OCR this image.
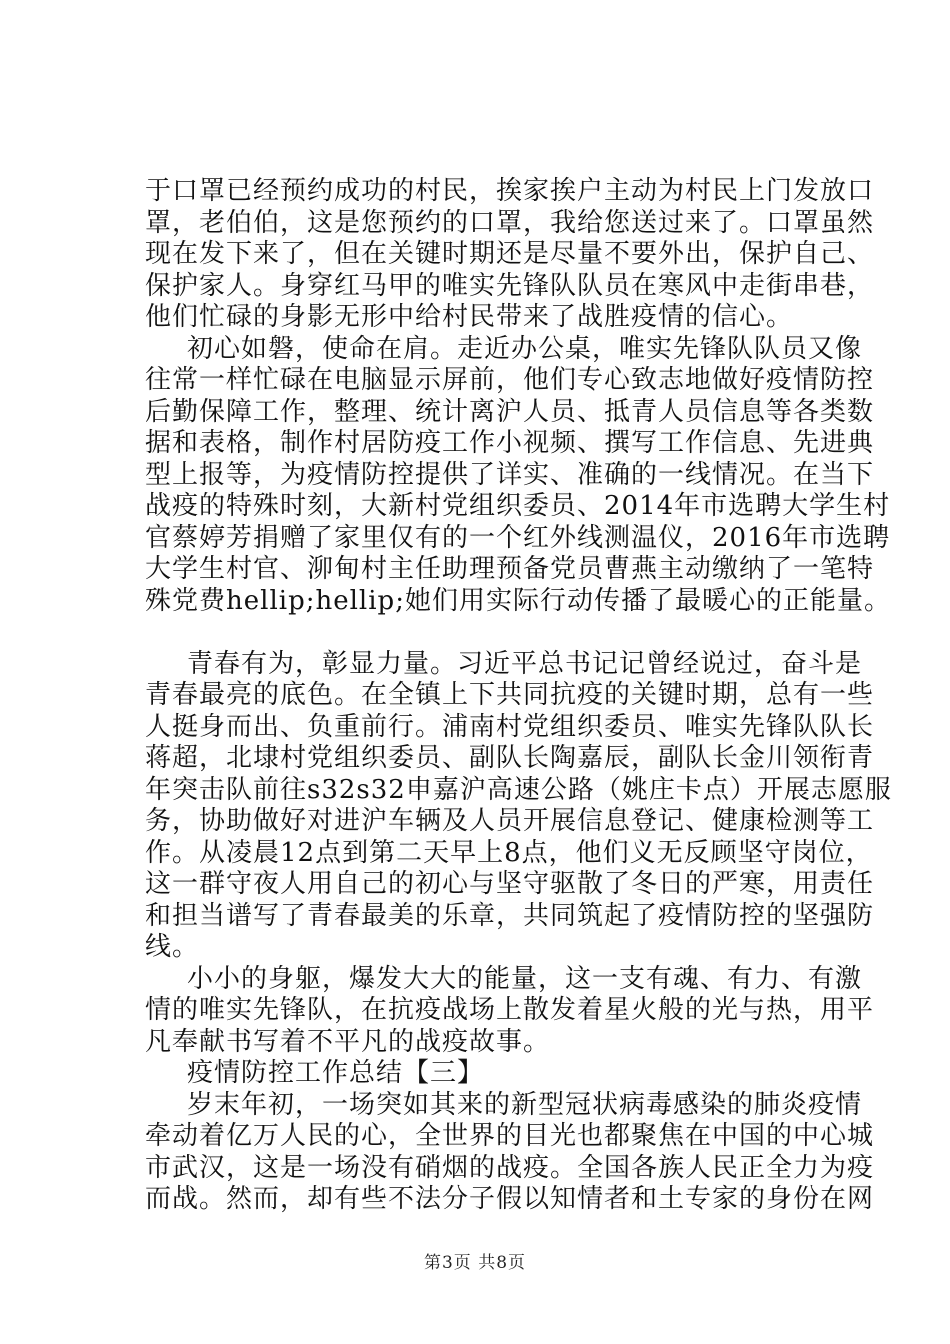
于口罩已经预约成功的村民，挨家挨户主动为村民上门发放口
罩，老伯伯，这是您预约的口罩，我给您送过来了。口罩虽然
现在发下来了，但在关键时期还是尽量不要外出，保护自己、
保护家人。身穿红马甲的唯实先锋队队员在寒风中走街串巷，
他们忙碌的身影无形中给村民带来了战胜疫情的信心。
初心如磐，使命在肩。走近办公桌，唯实先锋队队员又像
往常一样忙碌在电脑显示屏前，他们专心致志地做好疫情防控
后勤保障工作，整理、统计离沪人员、抵青人员信息等各类数
据和表格，制作村居防疫工作小视频、撰写工作信息、先进典
型上报等，为疫情防控提供了详实、准确的一线情况。在当下
战疫的特殊时刻，大新村党组织委员、2014年市选聘大学生村
官蔡婷芳捐赠了家里仅有的一个红外线测温仪，2016年市选聘
大学生村官、泖甸村主任助理预备党员曹燕主动缴纳了一笔特
殊党费hellip;hellip;她们用实际行动传播了最暖心的正能量。
青春有为，彰显力量。习近平总书记记曾经说过，奋斗是
青春最亮的底色。在全镇上下共同抗疫的关键时期，总有一些
人挺身而出、负重前行。浦南村党组织委员、唯实先锋队队长
蒋超，北埭村党组织委员、副队长陶嘉辰，副队长金川领衔青
年突击队前往s32s32申嘉沪高速公路（姚庄卡点）开展志愿服
务，协助做好对进沪车辆及人员开展信息登记、健康检测等工
作。从凌晨12点到第二天早上8点，他们义无反顾坚守岗位，
这一群守夜人用自己的初心与坚守驱散了冬日的严寒，用责任
和担当谱写了青春最美的乐章，共同筑起了疫情防控的坚强防
线。
小小的身躯，爆发大大的能量，这一支有魂、有力、有激
情的唯实先锋队，在抗疫战场上散发着星火般的光与热，用平
凡奉献书写着不平凡的战疫故事。
疫情防控工作总结【三】
岁末年初，一场突如其来的新型冠状病毒感染的肺炎疫情
牵动着亿万人民的心，全世界的目光也都聚焦在中国的中心城
市武汉，这是一场没有硝烟的战疫。全国各族人民正全力为疫
而战。然而，却有些不法分子假以知情者和土专家的身份在网
第3页 共8页
